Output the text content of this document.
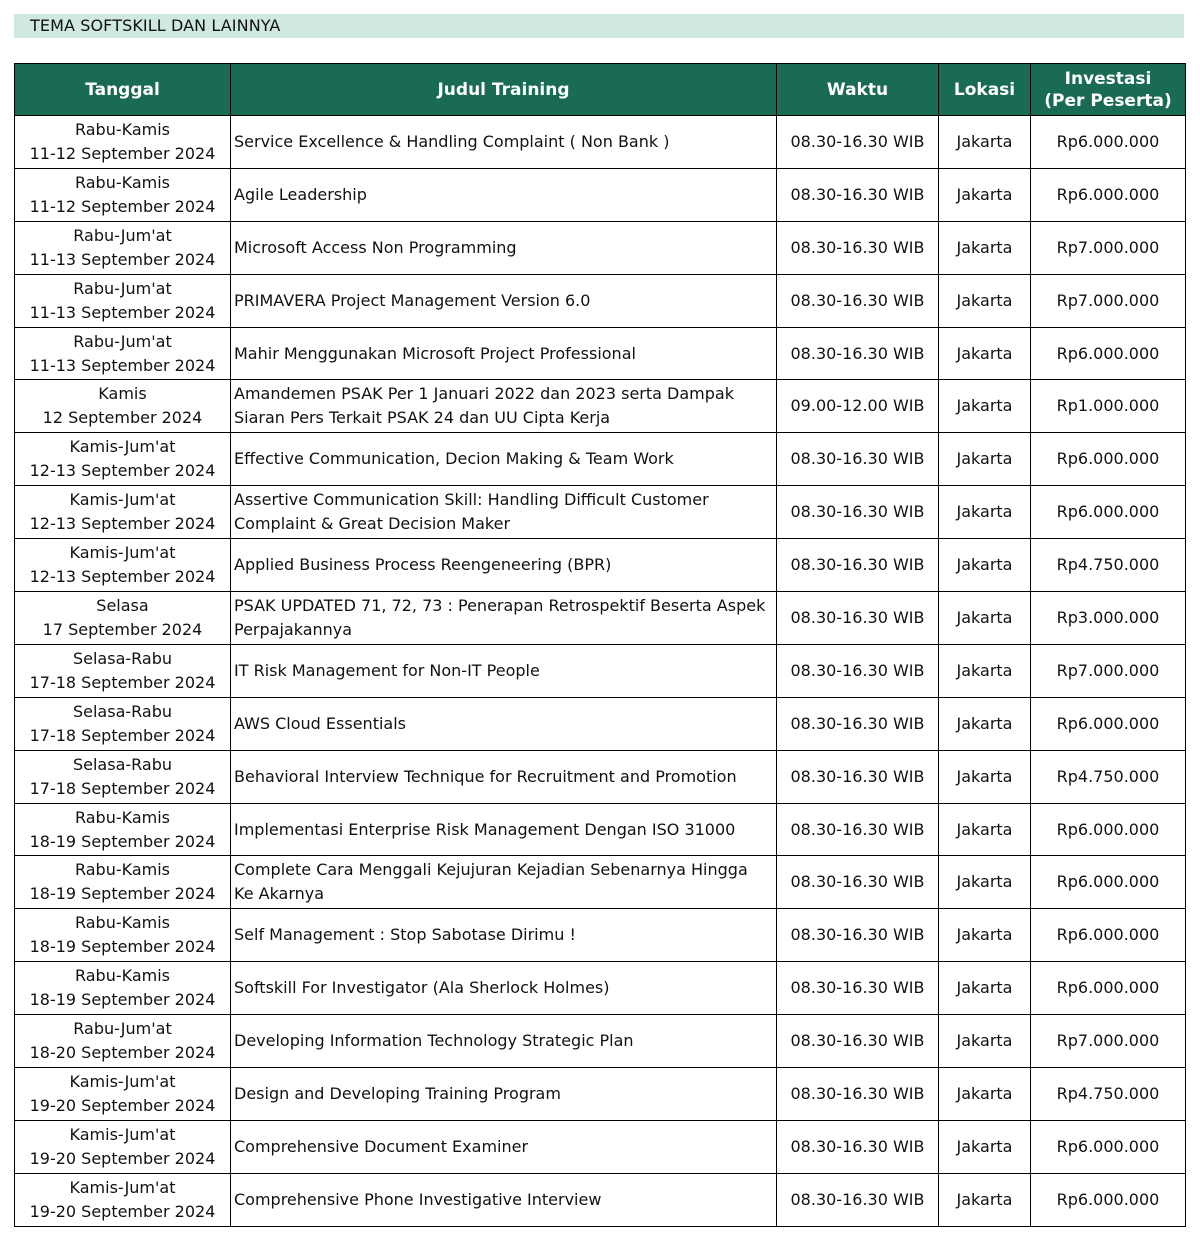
TEMA SOFTSKILL DAN LAINNYA
Tanggal	Judul Training	Waktu	Lokasi	Investasi
(Per Peserta)

Rabu-Kamis
11-12 September 2024	Service Excellence & Handling Complaint ( Non Bank )	08.30-16.30 WIB	Jakarta	Rp6.000.000

Rabu-Kamis
11-12 September 2024	Agile Leadership	08.30-16.30 WIB	Jakarta	Rp6.000.000

Rabu-Jum'at
11-13 September 2024	Microsoft Access Non Programming	08.30-16.30 WIB	Jakarta	Rp7.000.000

Rabu-Jum'at
11-13 September 2024	PRIMAVERA Project Management Version 6.0	08.30-16.30 WIB	Jakarta	Rp7.000.000

Rabu-Jum'at
11-13 September 2024	Mahir Menggunakan Microsoft Project Professional	08.30-16.30 WIB	Jakarta	Rp6.000.000

Kamis
12 September 2024	Amandemen PSAK Per 1 Januari 2022 dan 2023 serta Dampak Siaran Pers Terkait PSAK 24 dan UU Cipta Kerja	09.00-12.00 WIB	Jakarta	Rp1.000.000

Kamis-Jum'at
12-13 September 2024	Effective Communication, Decion Making & Team Work	08.30-16.30 WIB	Jakarta	Rp6.000.000

Kamis-Jum'at
12-13 September 2024	Assertive Communication Skill: Handling Difficult Customer Complaint & Great Decision Maker	08.30-16.30 WIB	Jakarta	Rp6.000.000

Kamis-Jum'at
12-13 September 2024	Applied Business Process Reengeneering (BPR)	08.30-16.30 WIB	Jakarta	Rp4.750.000

Selasa
17 September 2024	PSAK UPDATED 71, 72, 73 : Penerapan Retrospektif Beserta Aspek Perpajakannya	08.30-16.30 WIB	Jakarta	Rp3.000.000

Selasa-Rabu
17-18 September 2024	IT Risk Management for Non-IT People	08.30-16.30 WIB	Jakarta	Rp7.000.000

Selasa-Rabu
17-18 September 2024	AWS Cloud Essentials	08.30-16.30 WIB	Jakarta	Rp6.000.000

Selasa-Rabu
17-18 September 2024	Behavioral Interview Technique for Recruitment and Promotion	08.30-16.30 WIB	Jakarta	Rp4.750.000

Rabu-Kamis
18-19 September 2024	Implementasi Enterprise Risk Management Dengan ISO 31000	08.30-16.30 WIB	Jakarta	Rp6.000.000

Rabu-Kamis
18-19 September 2024	Complete Cara Menggali Kejujuran Kejadian Sebenarnya Hingga Ke Akarnya	08.30-16.30 WIB	Jakarta	Rp6.000.000

Rabu-Kamis
18-19 September 2024	Self Management : Stop Sabotase Dirimu !	08.30-16.30 WIB	Jakarta	Rp6.000.000

Rabu-Kamis
18-19 September 2024	Softskill For Investigator (Ala Sherlock Holmes)	08.30-16.30 WIB	Jakarta	Rp6.000.000

Rabu-Jum'at
18-20 September 2024	Developing Information Technology Strategic Plan	08.30-16.30 WIB	Jakarta	Rp7.000.000

Kamis-Jum'at
19-20 September 2024	Design and Developing Training Program	08.30-16.30 WIB	Jakarta	Rp4.750.000

Kamis-Jum'at
19-20 September 2024	Comprehensive Document Examiner	08.30-16.30 WIB	Jakarta	Rp6.000.000

Kamis-Jum'at
19-20 September 2024	Comprehensive Phone Investigative Interview	08.30-16.30 WIB	Jakarta	Rp6.000.000
